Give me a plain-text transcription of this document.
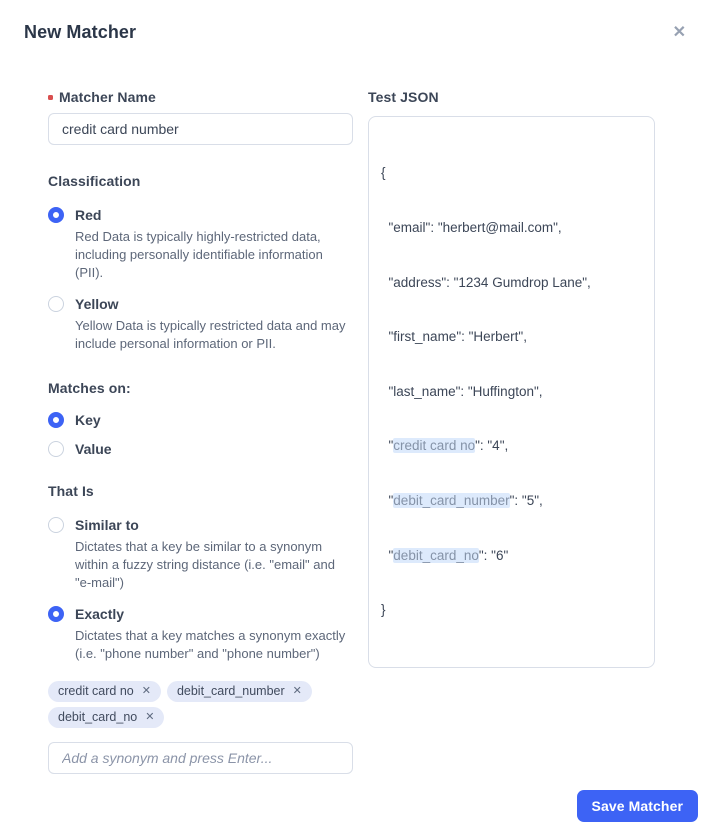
New Matcher	✕
Matcher Name
credit card number
Classification
Red
Red Data is typically highly-restricted data, including personally identifiable information (PII).
Yellow
Yellow Data is typically restricted data and may include personal information or PII.
Matches on:
Key
Value
That Is
Similar to
Dictates that a key be similar to a synonym within a fuzzy string distance (i.e. "email" and "e-mail")
Exactly
Dictates that a key matches a synonym exactly (i.e. "phone number" and "phone number")
credit card no ✕ debit_card_number ✕
debit_card_no ✕
Add a synonym and press Enter...
Test JSON

{

"email": "herbert@mail.com",

"address": "1234 Gumdrop Lane",

"first_name": "Herbert",

"last_name": "Huffington",

"credit card no": "4",

"debit_card_number": "5",

"debit_card_no": "6"

}

Save Matcher
